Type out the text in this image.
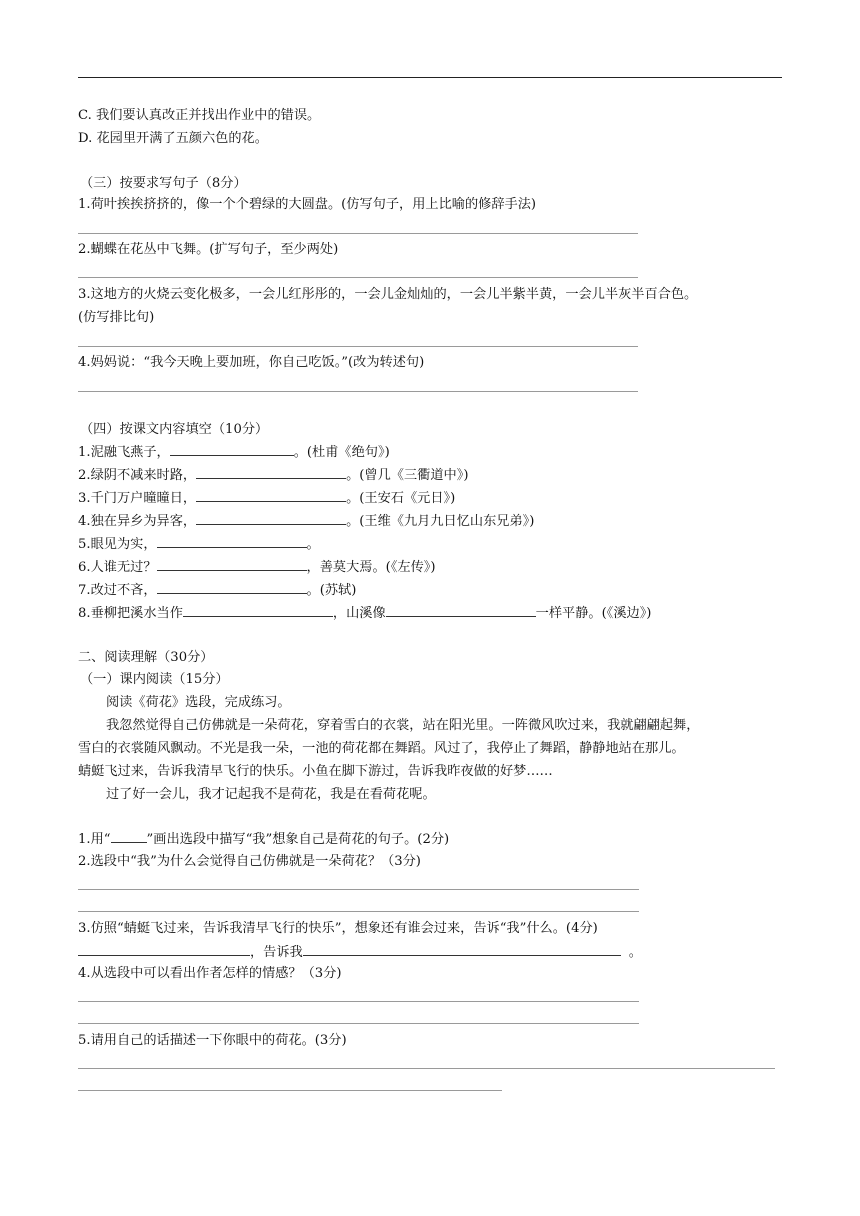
C. 我们要认真改正并找出作业中的错误。
D. 花园里开满了五颜六色的花。
（三）按要求写句子（8分）
1.荷叶挨挨挤挤的，像一个个碧绿的大圆盘。(仿写句子，用上比喻的修辞手法)
2.蝴蝶在花丛中飞舞。(扩写句子，至少两处)
3.这地方的火烧云变化极多，一会儿红彤彤的，一会儿金灿灿的，一会儿半紫半黄，一会儿半灰半百合色。
(仿写排比句)
4.妈妈说：“我今天晚上要加班，你自己吃饭。”(改为转述句)
（四）按课文内容填空（10分）
1.泥融飞燕子，	。(杜甫《绝句》)
2.绿阴不减来时路，	。(曾几《三衢道中》)
3.千门万户曈曈日，	。(王安石《元日》)
4.独在异乡为异客，	。(王维《九月九日忆山东兄弟》)
5.眼见为实，	。
6.人谁无过？	，善莫大焉。(《左传》)
7.改过不吝，	。(苏轼)
8.垂柳把溪水当作	，山溪像	一样平静。(《溪边》)
二、阅读理解（30分）
（一）课内阅读（15分）
阅读《荷花》选段，完成练习。
我忽然觉得自己仿佛就是一朵荷花，穿着雪白的衣裳，站在阳光里。一阵微风吹过来，我就翩翩起舞，
雪白的衣裳随风飘动。不光是我一朵，一池的荷花都在舞蹈。风过了，我停止了舞蹈，静静地站在那儿。
蜻蜓飞过来，告诉我清早飞行的快乐。小鱼在脚下游过，告诉我昨夜做的好梦……
过了好一会儿，我才记起我不是荷花，我是在看荷花呢。
1.用“	”画出选段中描写“我”想象自己是荷花的句子。(2分)
2.选段中“我”为什么会觉得自己仿佛就是一朵荷花？（3分)
3.仿照“蜻蜓飞过来，告诉我清早飞行的快乐”，想象还有谁会过来，告诉“我”什么。(4分)
，告诉我	。
4.从选段中可以看出作者怎样的情感？（3分)
5.请用自己的话描述一下你眼中的荷花。(3分)
